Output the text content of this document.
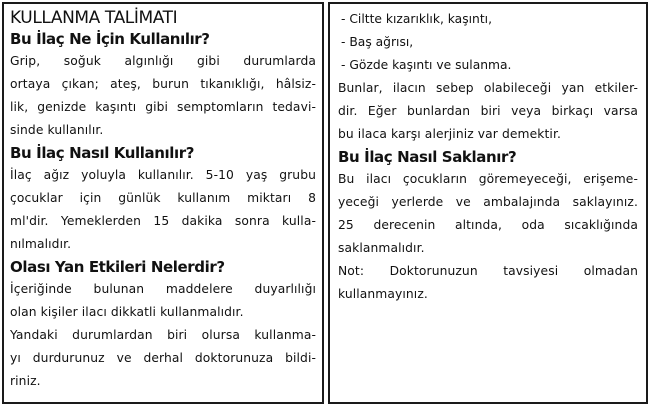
KULLANMA TALİMATI
Bu İlaç Ne İçin Kullanılır?
Grip, soğuk algınlığı gibi durumlarda
ortaya çıkan; ateş, burun tıkanıklığı, hâlsiz-
lik, genizde kaşıntı gibi semptomların tedavi-
sinde kullanılır.
Bu İlaç Nasıl Kullanılır?
İlaç ağız yoluyla kullanılır. 5-10 yaş grubu
çocuklar için günlük kullanım miktarı 8
ml'dir. Yemeklerden 15 dakika sonra kulla-
nılmalıdır.
Olası Yan Etkileri Nelerdir?
İçeriğinde bulunan maddelere duyarlılığı
olan kişiler ilacı dikkatli kullanmalıdır.
Yandaki durumlardan biri olursa kullanma-
yı durdurunuz ve derhal doktorunuza bildi-
riniz.
- Ciltte kızarıklık, kaşıntı,
- Baş ağrısı,
- Gözde kaşıntı ve sulanma.
Bunlar, ilacın sebep olabileceği yan etkiler-
dir. Eğer bunlardan biri veya birkaçı varsa
bu ilaca karşı alerjiniz var demektir.
Bu İlaç Nasıl Saklanır?
Bu ilacı çocukların göremeyeceği, erişeme-
yeceği yerlerde ve ambalajında saklayınız.
25 derecenin altında, oda sıcaklığında
saklanmalıdır.
Not: Doktorunuzun tavsiyesi olmadan
kullanmayınız.
